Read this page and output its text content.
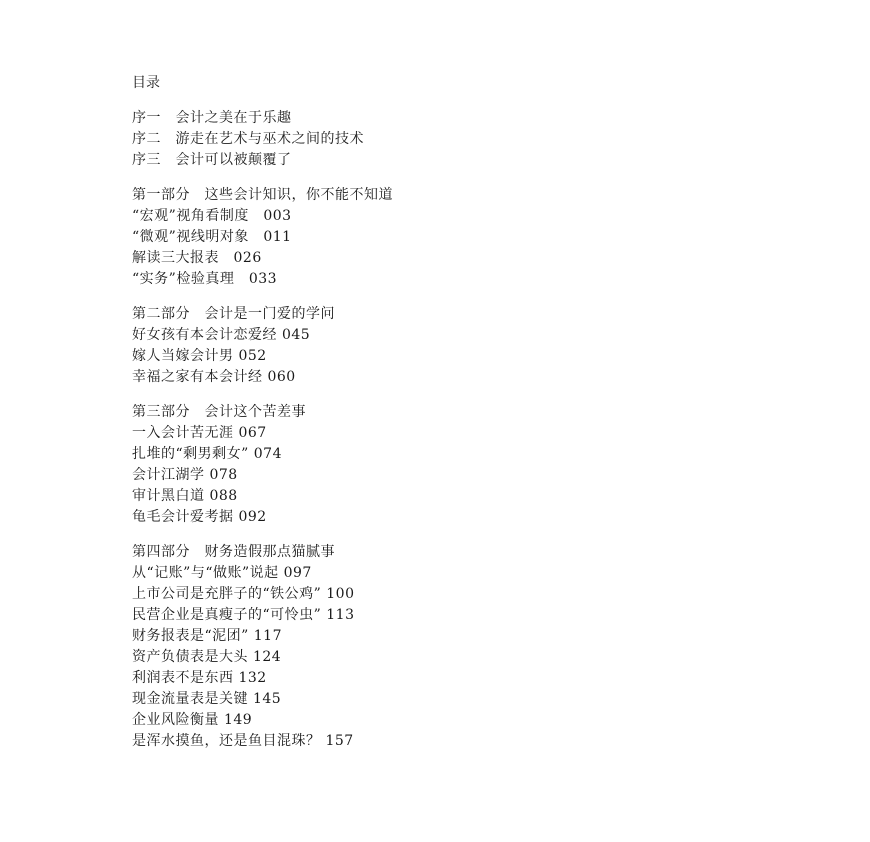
目录
序一　会计之美在于乐趣
序二　游走在艺术与巫术之间的技术
序三　会计可以被颠覆了
第一部分　这些会计知识，你不能不知道
“宏观”视角看制度　003
“微观”视线明对象　011
解读三大报表　026
“实务”检验真理　033
第二部分　会计是一门爱的学问
好女孩有本会计恋爱经 045
嫁人当嫁会计男 052
幸福之家有本会计经 060
第三部分　会计这个苦差事
一入会计苦无涯 067
扎堆的“剩男剩女” 074
会计江湖学 078
审计黑白道 088
龟毛会计爱考据 092
第四部分　财务造假那点猫腻事
从“记账”与“做账”说起 097
上市公司是充胖子的“铁公鸡” 100
民营企业是真瘦子的“可怜虫” 113
财务报表是“泥团” 117
资产负债表是大头 124
利润表不是东西 132
现金流量表是关键 145
企业风险衡量 149
是浑水摸鱼，还是鱼目混珠？ 157
